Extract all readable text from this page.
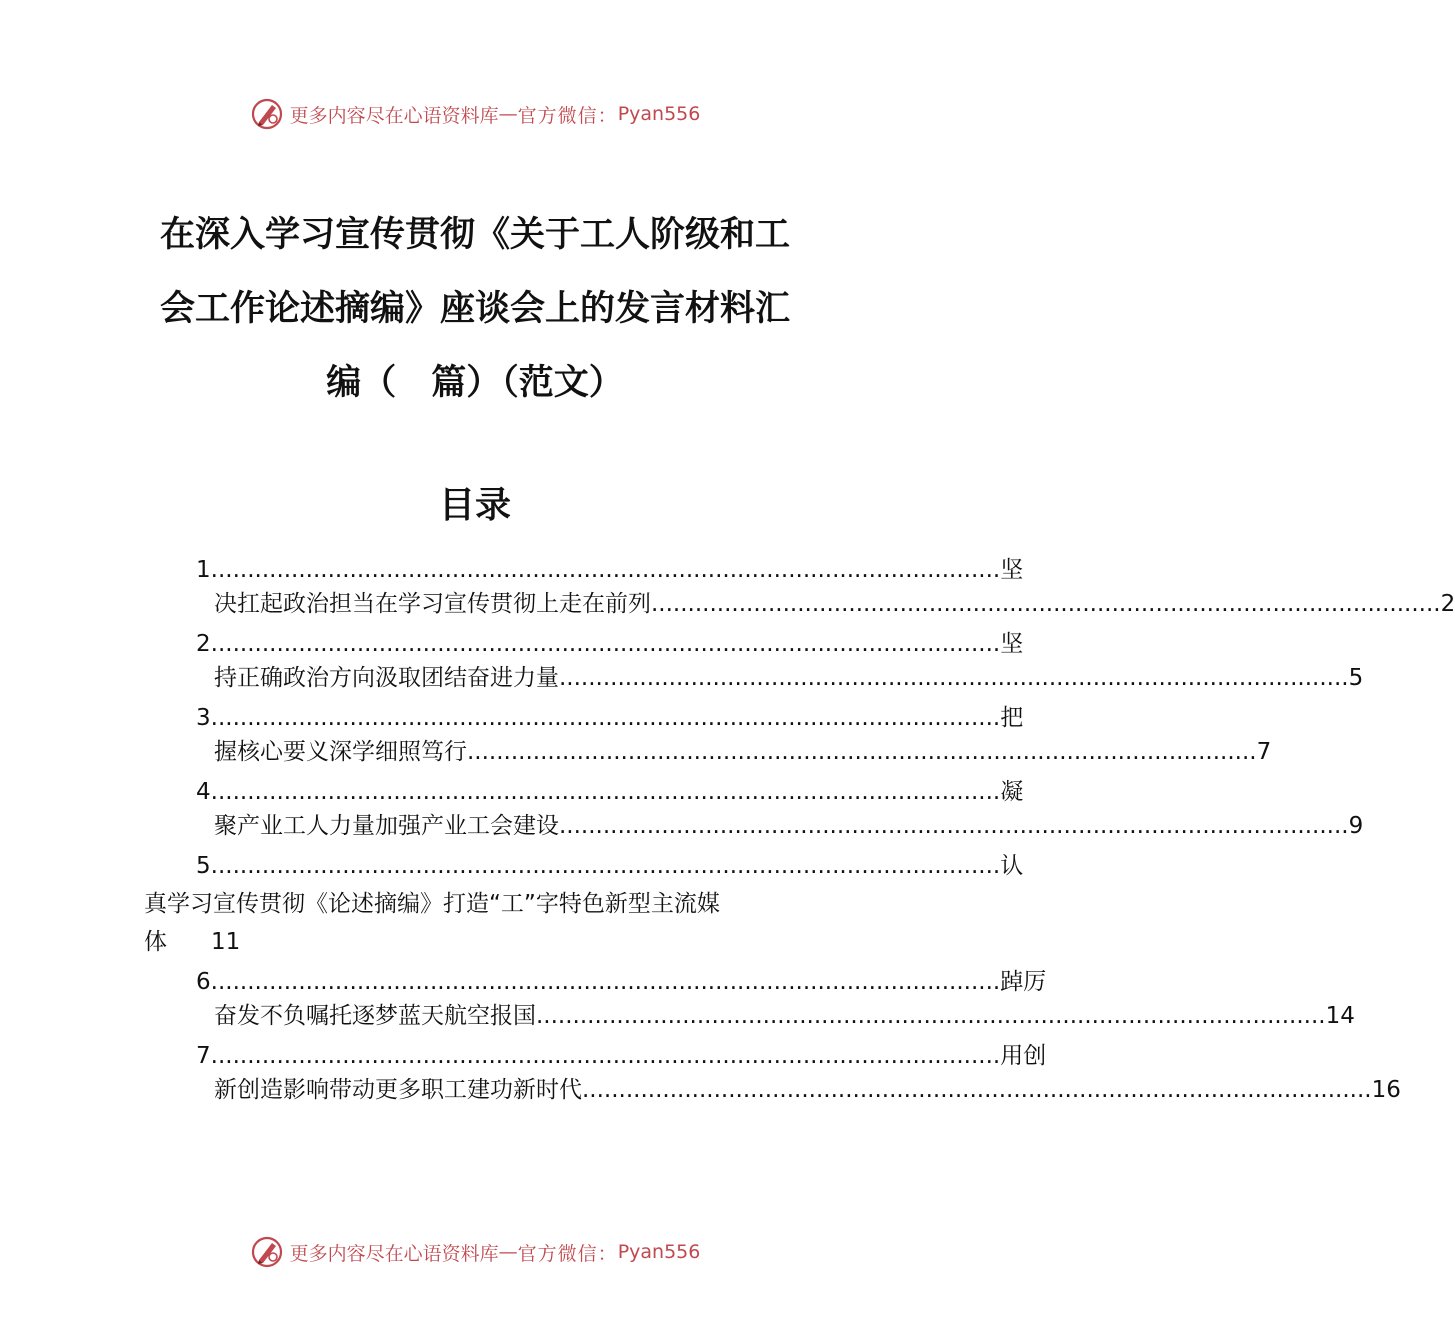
更多内容尽在心语资料库 — 官方微信： Pyan556
在深入学习宣传贯彻《关于工人阶级和工
会工作论述摘编》座谈会上的发言材料汇
编（　篇）（范文）
目录
1 ............................................................................................................ 坚
决扛起政治担当在学习宣传贯彻上走在前列 ............................................................................................................ 2
2 ............................................................................................................ 坚
持正确政治方向汲取团结奋进力量 ............................................................................................................ 5
3 ............................................................................................................ 把
握核心要义深学细照笃行 ............................................................................................................ 7
4 ............................................................................................................ 凝
聚产业工人力量加强产业工会建设 ............................................................................................................ 9
5 ............................................................................................................ 认
真学习宣传贯彻《论述摘编》打造“工”字特色新型主流媒
体 11
6 ............................................................................................................ 踔厉
奋发不负嘱托逐梦蓝天航空报国 ............................................................................................................ 14
7 ............................................................................................................ 用创
新创造影响带动更多职工建功新时代 ............................................................................................................ 16
更多内容尽在心语资料库 — 官方微信： Pyan556
